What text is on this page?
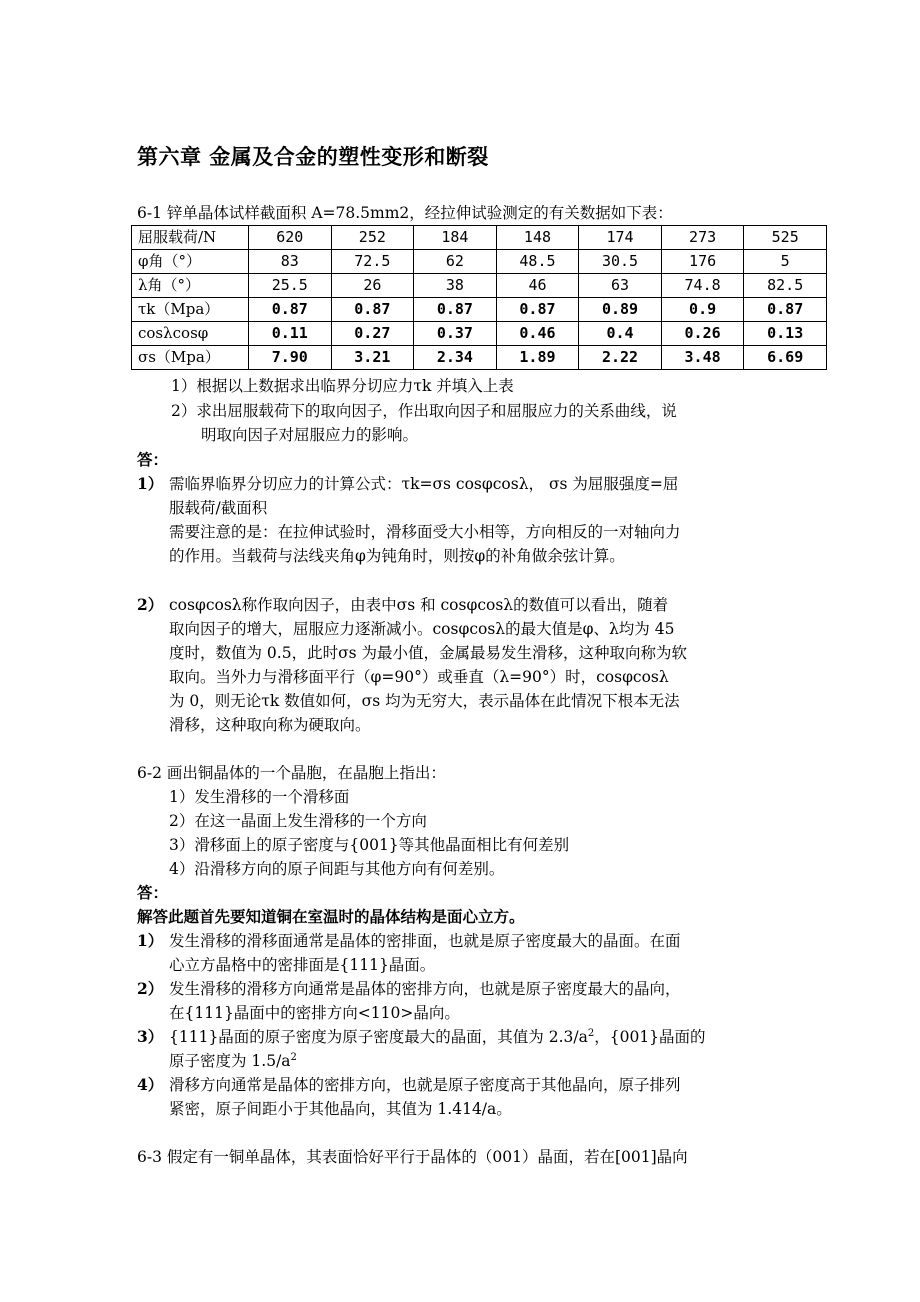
第六章 金属及合金的塑性变形和断裂
6-1 锌单晶体试样截面积 A=78.5mm2，经拉伸试验测定的有关数据如下表：
屈服载荷/N	620	252	184	148	174	273	525
φ角（°）	83	72.5	62	48.5	30.5	176	5
λ角（°）	25.5	26	38	46	63	74.8	82.5
τk（Mpa）	0.87	0.87	0.87	0.87	0.89	0.9	0.87
cosλcosφ	0.11	0.27	0.37	0.46	0.4	0.26	0.13
σs（Mpa）	7.90	3.21	2.34	1.89	2.22	3.48	6.69
1）根据以上数据求出临界分切应力τk 并填入上表
2）求出屈服载荷下的取向因子，作出取向因子和屈服应力的关系曲线，说
明取向因子对屈服应力的影响。
答：
1） 需临界临界分切应力的计算公式：τk=σs cosφcosλ， σs 为屈服强度=屈
服载荷/截面积
需要注意的是：在拉伸试验时，滑移面受大小相等，方向相反的一对轴向力
的作用。当载荷与法线夹角φ为钝角时，则按φ的补角做余弦计算。
2） cosφcosλ称作取向因子，由表中σs 和 cosφcosλ的数值可以看出，随着
取向因子的增大，屈服应力逐渐减小。cosφcosλ的最大值是φ、λ均为 45
度时，数值为 0.5，此时σs 为最小值，金属最易发生滑移，这种取向称为软
取向。当外力与滑移面平行（φ=90°）或垂直（λ=90°）时，cosφcosλ
为 0，则无论τk 数值如何，σs 均为无穷大，表示晶体在此情况下根本无法
滑移，这种取向称为硬取向。
6-2 画出铜晶体的一个晶胞，在晶胞上指出：
1）发生滑移的一个滑移面
2）在这一晶面上发生滑移的一个方向
3）滑移面上的原子密度与{001}等其他晶面相比有何差别
4）沿滑移方向的原子间距与其他方向有何差别。
答：
解答此题首先要知道铜在室温时的晶体结构是面心立方。
1） 发生滑移的滑移面通常是晶体的密排面，也就是原子密度最大的晶面。在面
心立方晶格中的密排面是{111}晶面。
2） 发生滑移的滑移方向通常是晶体的密排方向，也就是原子密度最大的晶向，
在{111}晶面中的密排方向<110>晶向。
3） {111}晶面的原子密度为原子密度最大的晶面，其值为 $2.3/a^2$，{001}晶面的
原子密度为 $1.5/a^2$
4） 滑移方向通常是晶体的密排方向，也就是原子密度高于其他晶向，原子排列
紧密，原子间距小于其他晶向，其值为 1.414/a。
6-3 假定有一铜单晶体，其表面恰好平行于晶体的（001）晶面，若在[001]晶向
